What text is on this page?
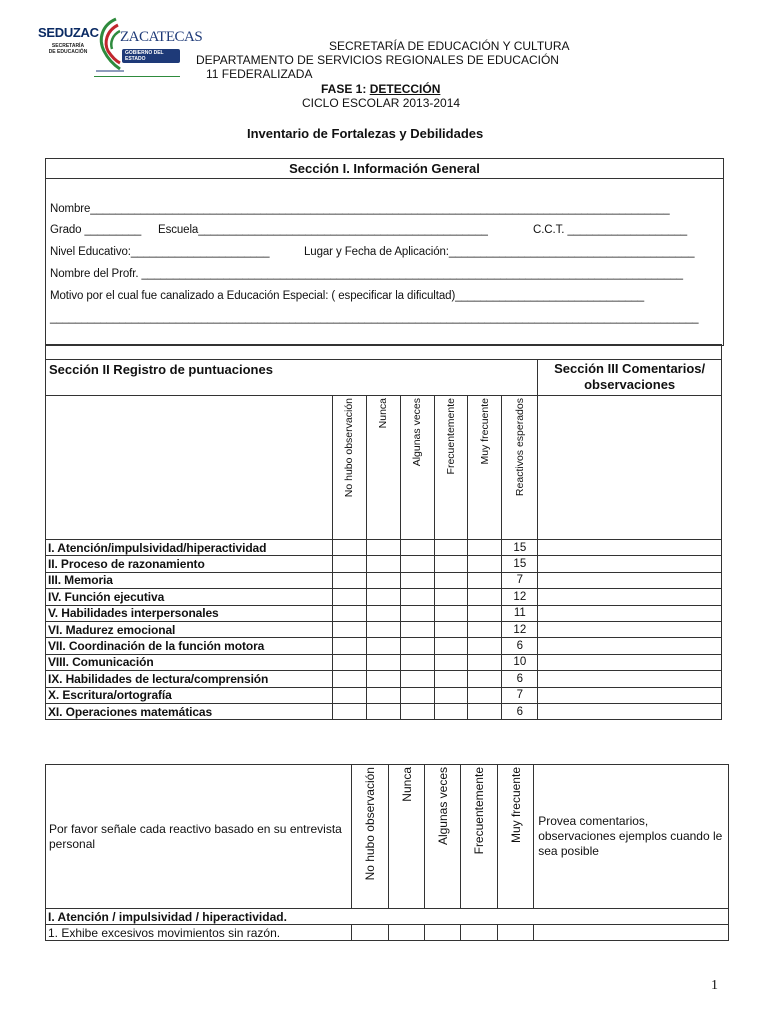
SEDUZAC
SECRETARÍA DE EDUCACIÓN
ZACATECAS
GOBIERNO DEL ESTADO
SECRETARÍA DE EDUCACIÓN Y CULTURA
DEPARTAMENTO DE SERVICIOS REGIONALES DE EDUCACIÓN
11 FEDERALIZADA
FASE 1: DETECCIÓN
CICLO ESCOLAR 2013-2014
Inventario de Fortalezas y Debilidades
Sección I. Información General
Nombre____________________________________________________________________________________________
Grado _________ Escuela______________________________________________	C.C.T. ___________________
Nivel Educativo:______________________	Lugar y Fecha de Aplicación:_______________________________________
Nombre del Profr. ______________________________________________________________________________________
Motivo por el cual fue canalizado a Educación Especial: ( especificar la dificultad)______________________________
_______________________________________________________________________________________________________

Sección II Registro de puntuaciones							Sección III Comentarios/ observaciones
	No hubo observación	Nunca	Algunas veces	Frecuentemente	Muy frecuente	Reactivos esperados	
I. Atención/impulsividad/hiperactividad						15	
II. Proceso de razonamiento						15	
III. Memoria						7	
IV. Función ejecutiva						12	
V. Habilidades interpersonales						11	
VI. Madurez emocional						12	
VII. Coordinación de la función motora						6	
VIII. Comunicación						10	
IX. Habilidades de lectura/comprensión						6	
X. Escritura/ortografía						7	
XI. Operaciones matemáticas						6	
Por favor señale cada reactivo basado en su entrevista personal	No hubo observación	Nunca	Algunas veces	Frecuentemente	Muy frecuente	Provea comentarios, observaciones ejemplos cuando le sea posible
I. Atención / impulsividad / hiperactividad.						
1. Exhibe excesivos movimientos sin razón.						
1
